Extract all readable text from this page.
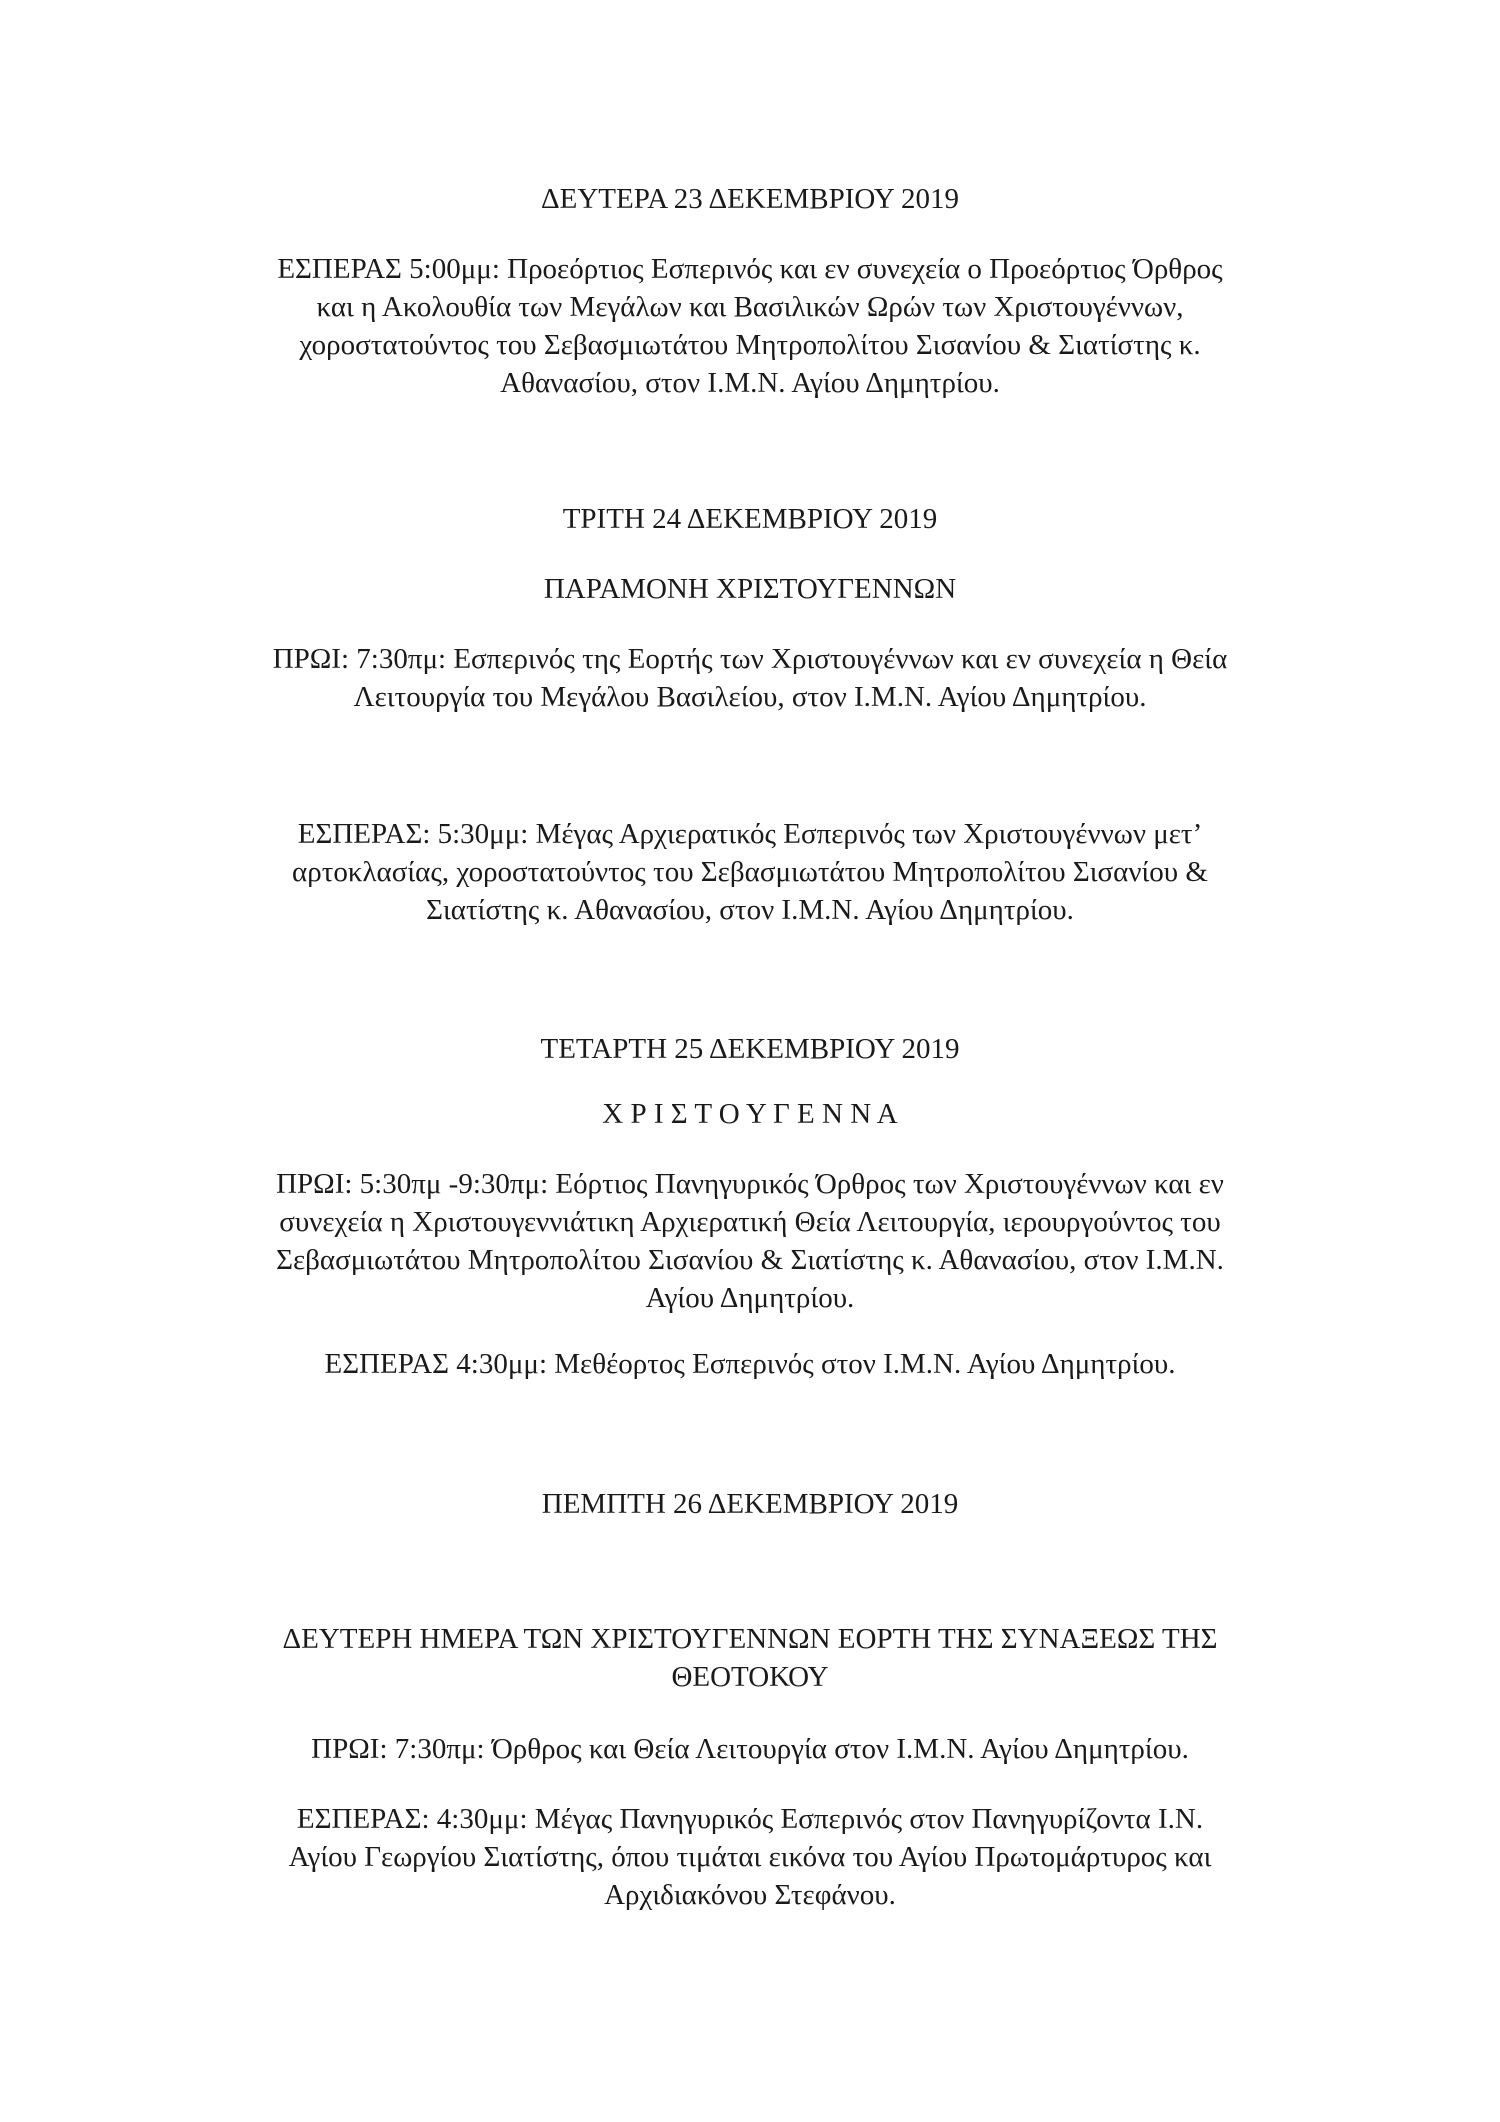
ΔΕΥΤΕΡΑ 23 ΔΕΚΕΜΒΡΙΟΥ 2019
ΕΣΠΕΡΑΣ 5:00μμ: Προεόρτιος Εσπερινός και εν συνεχεία ο Προεόρτιος Όρθρος
και η Ακολουθία των Μεγάλων και Βασιλικών Ωρών των Χριστουγέννων,
χοροστατούντος του Σεβασμιωτάτου Μητροπολίτου Σισανίου & Σιατίστης κ.
Αθανασίου, στον Ι.Μ.Ν. Αγίου Δημητρίου.
ΤΡΙΤΗ 24 ΔΕΚΕΜΒΡΙΟΥ 2019
ΠΑΡΑΜΟΝΗ ΧΡΙΣΤΟΥΓΕΝΝΩΝ
ΠΡΩΙ: 7:30πμ: Εσπερινός της Εορτής των Χριστουγέννων και εν συνεχεία η Θεία
Λειτουργία του Μεγάλου Βασιλείου, στον Ι.Μ.Ν. Αγίου Δημητρίου.
ΕΣΠΕΡΑΣ: 5:30μμ: Μέγας Αρχιερατικός Εσπερινός των Χριστουγέννων μετ’
αρτοκλασίας, χοροστατούντος του Σεβασμιωτάτου Μητροπολίτου Σισανίου &
Σιατίστης κ. Αθανασίου, στον Ι.Μ.Ν. Αγίου Δημητρίου.
ΤΕΤΑΡΤΗ 25 ΔΕΚΕΜΒΡΙΟΥ 2019
Χ Ρ Ι Σ Τ Ο Υ Γ Ε Ν Ν Α
ΠΡΩΙ: 5:30πμ -9:30πμ: Εόρτιος Πανηγυρικός Όρθρος των Χριστουγέννων και εν
συνεχεία η Χριστουγεννιάτικη Αρχιερατική Θεία Λειτουργία, ιερουργούντος του
Σεβασμιωτάτου Μητροπολίτου Σισανίου & Σιατίστης κ. Αθανασίου, στον Ι.Μ.Ν.
Αγίου Δημητρίου.
ΕΣΠΕΡΑΣ 4:30μμ: Μεθέορτος Εσπερινός στον Ι.Μ.Ν. Αγίου Δημητρίου.
ΠΕΜΠΤΗ 26 ΔΕΚΕΜΒΡΙΟΥ 2019
ΔΕΥΤΕΡΗ ΗΜΕΡΑ ΤΩΝ ΧΡΙΣΤΟΥΓΕΝΝΩΝ ΕΟΡΤΗ ΤΗΣ ΣΥΝΑΞΕΩΣ ΤΗΣ
ΘΕΟΤΟΚΟΥ
ΠΡΩΙ: 7:30πμ: Όρθρος και Θεία Λειτουργία στον Ι.Μ.Ν. Αγίου Δημητρίου.
ΕΣΠΕΡΑΣ: 4:30μμ: Μέγας Πανηγυρικός Εσπερινός στον Πανηγυρίζοντα Ι.Ν.
Αγίου Γεωργίου Σιατίστης, όπου τιμάται εικόνα του Αγίου Πρωτομάρτυρος και
Αρχιδιακόνου Στεφάνου.
